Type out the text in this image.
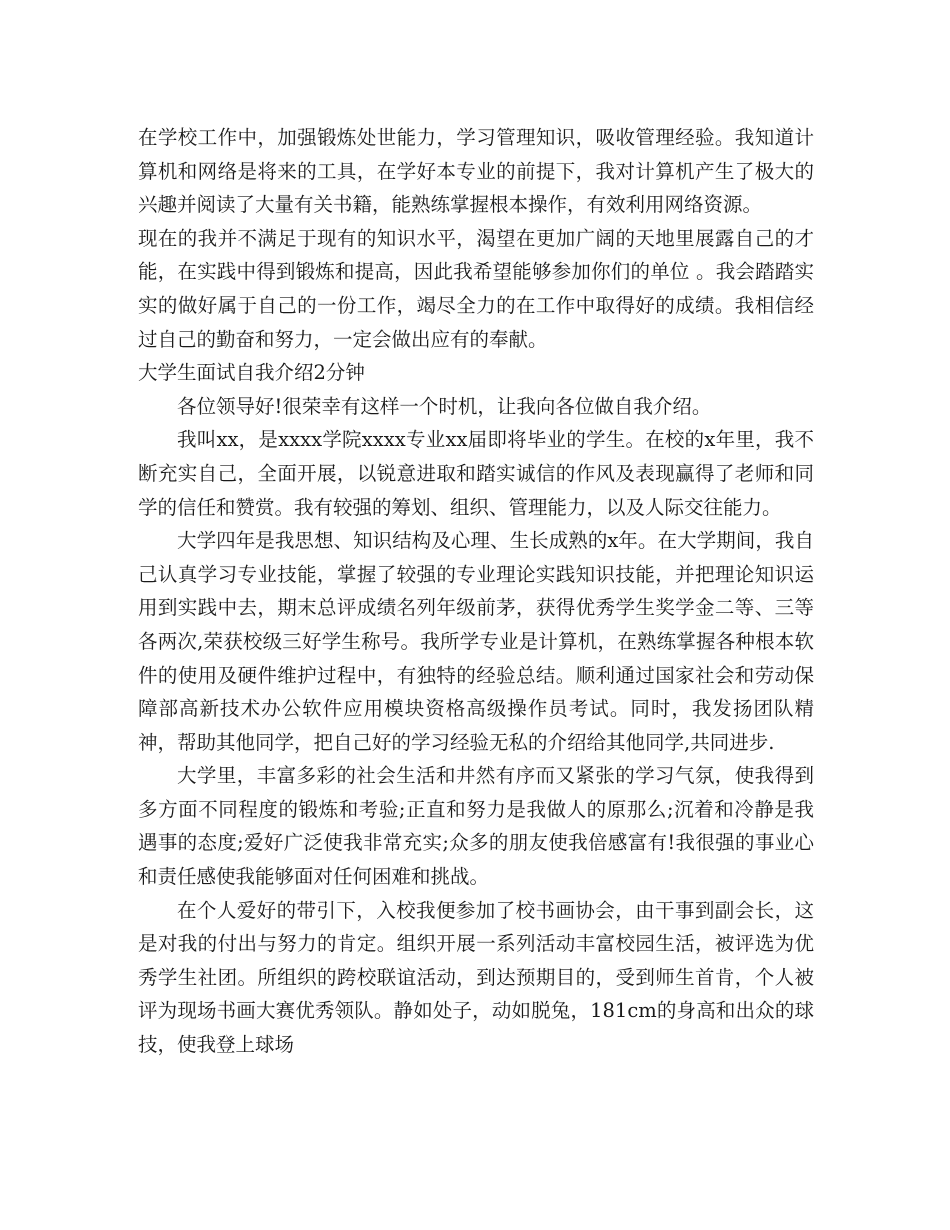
在学校工作中，加强锻炼处世能力，学习管理知识，吸收管理经验。我知道计算机和网络是将来的工具，在学好本专业的前提下，我对计算机产生了极大的兴趣并阅读了大量有关书籍，能熟练掌握根本操作，有效利用网络资源。

现在的我并不满足于现有的知识水平，渴望在更加广阔的天地里展露自己的才能，在实践中得到锻炼和提高，因此我希望能够参加你们的单位 。我会踏踏实实的做好属于自己的一份工作，竭尽全力的在工作中取得好的成绩。我相信经过自己的勤奋和努力，一定会做出应有的奉献。

大学生面试自我介绍2分钟

各位领导好!很荣幸有这样一个时机，让我向各位做自我介绍。

我叫xx，是xxxx学院xxxx专业xx届即将毕业的学生。在校的x年里，我不断充实自己，全面开展，以锐意进取和踏实诚信的作风及表现赢得了老师和同学的信任和赞赏。我有较强的筹划、组织、管理能力，以及人际交往能力。

大学四年是我思想、知识结构及心理、生长成熟的x年。在大学期间，我自己认真学习专业技能，掌握了较强的专业理论实践知识技能，并把理论知识运用到实践中去，期末总评成绩名列年级前茅，获得优秀学生奖学金二等、三等各两次,荣获校级三好学生称号。我所学专业是计算机，在熟练掌握各种根本软件的使用及硬件维护过程中，有独特的经验总结。顺利通过国家社会和劳动保障部高新技术办公软件应用模块资格高级操作员考试。同时，我发扬团队精神，帮助其他同学，把自己好的学习经验无私的介绍给其他同学,共同进步.

大学里，丰富多彩的社会生活和井然有序而又紧张的学习气氛，使我得到多方面不同程度的锻炼和考验;正直和努力是我做人的原那么;沉着和冷静是我遇事的态度;爱好广泛使我非常充实;众多的朋友使我倍感富有!我很强的事业心和责任感使我能够面对任何困难和挑战。

在个人爱好的带引下，入校我便参加了校书画协会，由干事到副会长，这是对我的付出与努力的肯定。组织开展一系列活动丰富校园生活，被评选为优秀学生社团。所组织的跨校联谊活动，到达预期目的，受到师生首肯，个人被评为现场书画大赛优秀领队。静如处子，动如脱兔，181cm的身高和出众的球技，使我登上球场
